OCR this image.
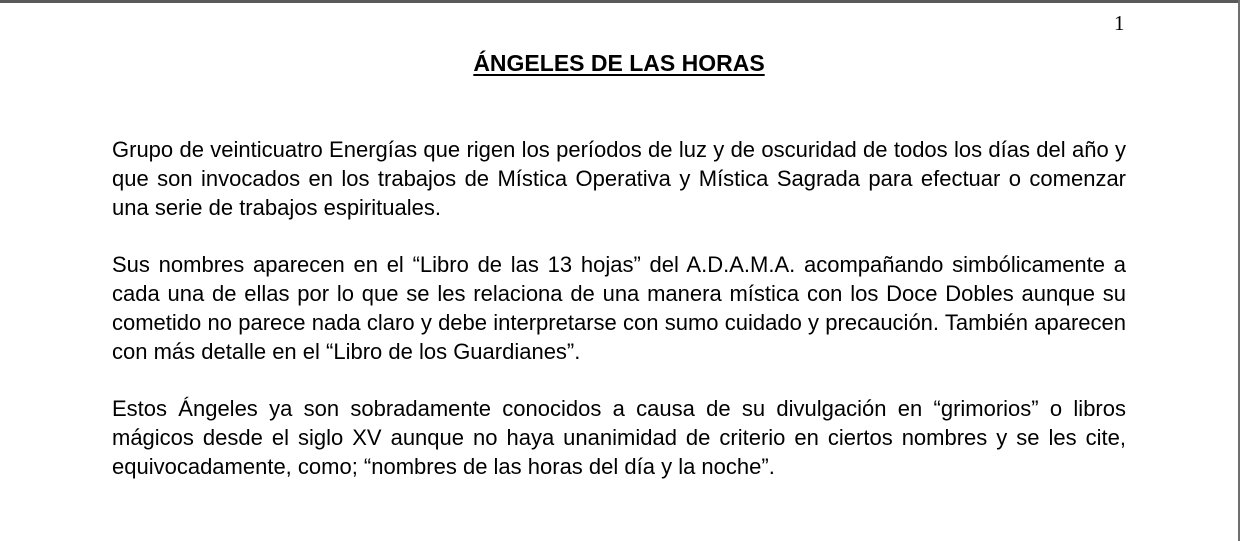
1
ÁNGELES DE LAS HORAS

Grupo de veinticuatro Energías que rigen los períodos de luz y de oscuridad de todos los días del año y que son invocados en los trabajos de Mística Operativa y Mística Sagrada para efectuar o comenzar una serie de trabajos espirituales.

Sus nombres aparecen en el “Libro de las 13 hojas” del A.D.A.M.A. acompañando simbólicamente a cada una de ellas por lo que se les relaciona de una manera mística con los Doce Dobles aunque su cometido no parece nada claro y debe interpretarse con sumo cuidado y precaución. También aparecen con más detalle en el “Libro de los Guardianes”.

Estos Ángeles ya son sobradamente conocidos a causa de su divulgación en “grimorios” o libros mágicos desde el siglo XV aunque no haya unanimidad de criterio en ciertos nombres y se les cite, equivocadamente, como; “nombres de las horas del día y la noche”.
